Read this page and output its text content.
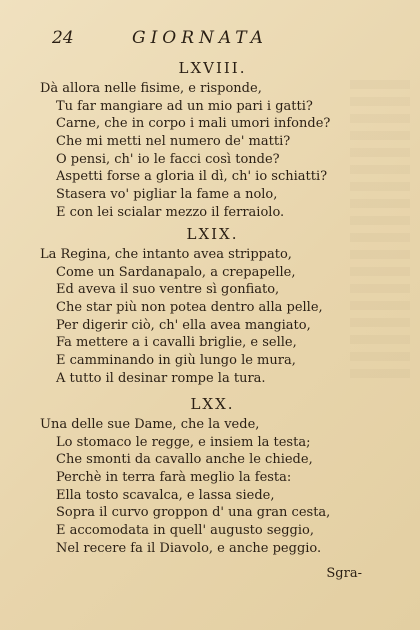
24	GIORNATA
LXVIII.
Dà allora nelle fisime, e risponde,
Tu far mangiare ad un mio pari i gatti?
Carne, che in corpo i mali umori infonde?
Che mi metti nel numero de' matti?
O pensi, ch' io le facci così tonde?
Aspetti forse a gloria il dì, ch' io schiatti?
Stasera vo' pigliar la fame a nolo,
E con lei scialar mezzo il ferraiolo.
LXIX.
La Regina, che intanto avea strippato,
Come un Sardanapalo, a crepapelle,
Ed aveva il suo ventre sì gonfiato,
Che star più non potea dentro alla pelle,
Per digerir ciò, ch' ella avea mangiato,
Fa mettere a i cavalli briglie, e selle,
E camminando in giù lungo le mura,
A tutto il desinar rompe la tura.
LXX.
Una delle sue Dame, che la vede,
Lo stomaco le regge, e insiem la testa;
Che smonti da cavallo anche le chiede,
Perchè in terra farà meglio la festa:
Ella tosto scavalca, e lassa siede,
Sopra il curvo groppon d' una gran cesta,
E accomodata in quell' augusto seggio,
Nel recere fa il Diavolo, e anche peggio.
Sgra-
